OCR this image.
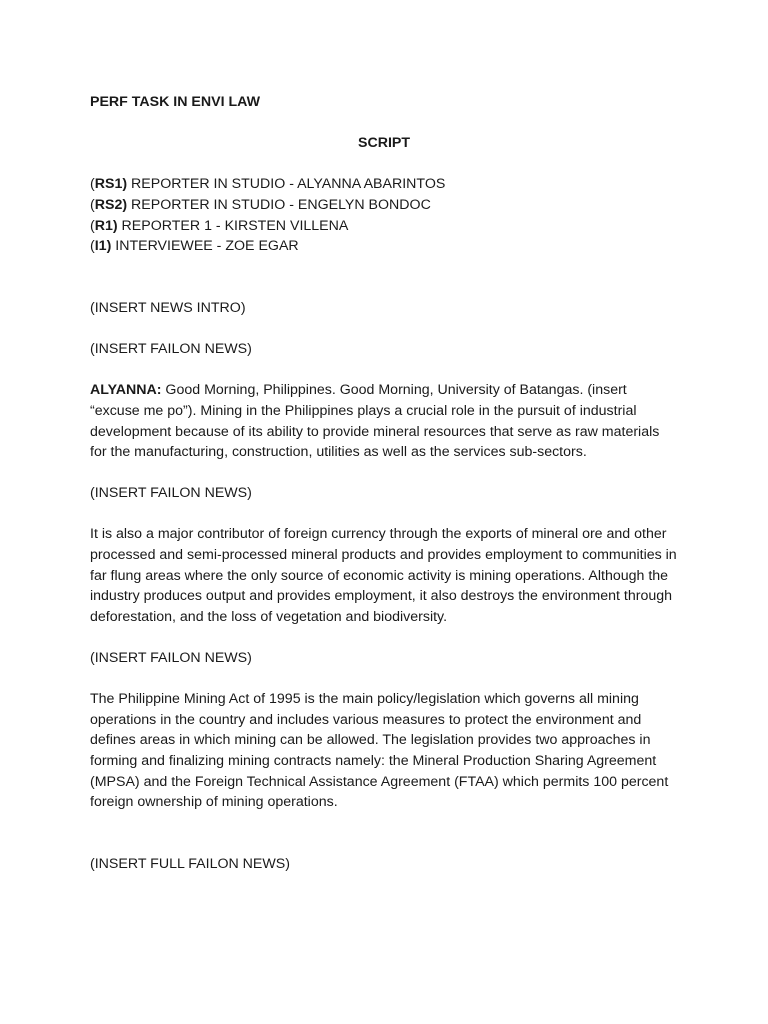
PERF TASK IN ENVI LAW

SCRIPT

(RS1) REPORTER IN STUDIO - ALYANNA ABARINTOS
(RS2) REPORTER IN STUDIO - ENGELYN BONDOC
(R1) REPORTER 1 - KIRSTEN VILLENA
(I1) INTERVIEWEE - ZOE EGAR

(INSERT NEWS INTRO)

(INSERT FAILON NEWS)

ALYANNA: Good Morning, Philippines. Good Morning, University of Batangas. (insert “excuse me po”). Mining in the Philippines plays a crucial role in the pursuit of industrial development because of its ability to provide mineral resources that serve as raw materials for the manufacturing, construction, utilities as well as the services sub-sectors.

(INSERT FAILON NEWS)

It is also a major contributor of foreign currency through the exports of mineral ore and other processed and semi-processed mineral products and provides employment to communities in far flung areas where the only source of economic activity is mining operations. Although the industry produces output and provides employment, it also destroys the environment through deforestation, and the loss of vegetation and biodiversity.

(INSERT FAILON NEWS)

The Philippine Mining Act of 1995 is the main policy/legislation which governs all mining operations in the country and includes various measures to protect the environment and defines areas in which mining can be allowed. The legislation provides two approaches in forming and finalizing mining contracts namely: the Mineral Production Sharing Agreement (MPSA) and the Foreign Technical Assistance Agreement (FTAA) which permits 100 percent foreign ownership of mining operations.

(INSERT FULL FAILON NEWS)
